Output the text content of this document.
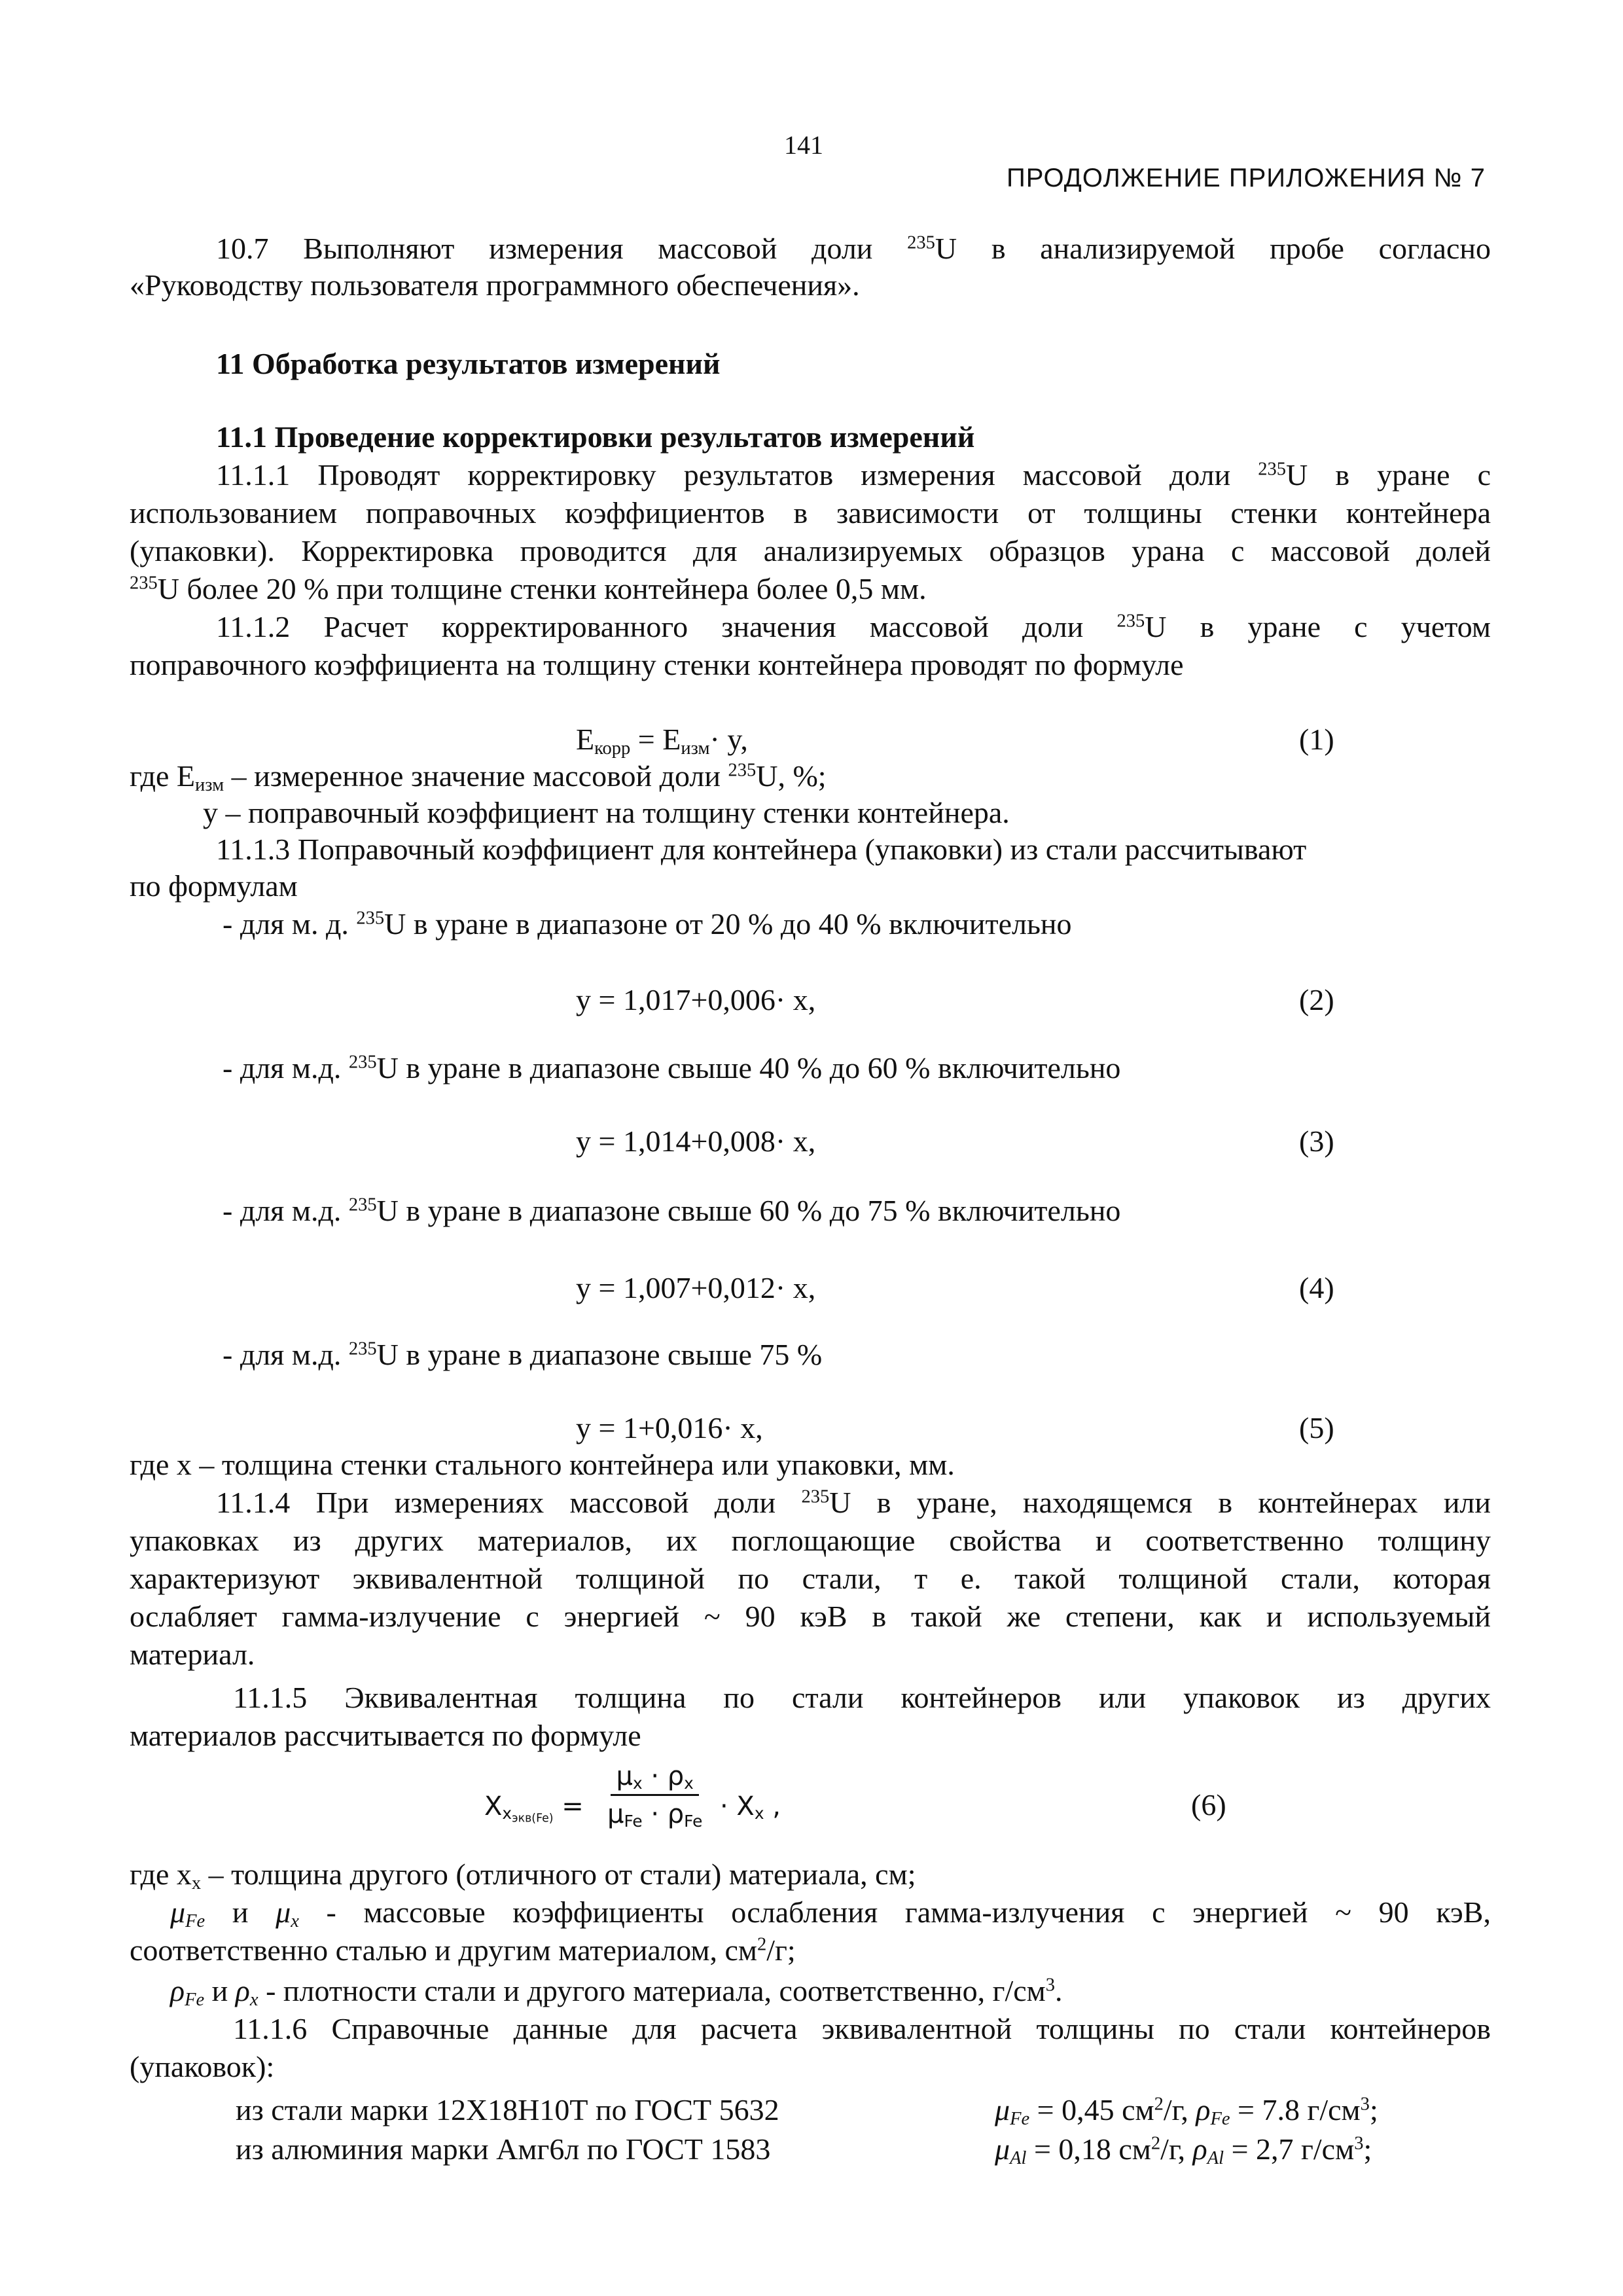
141
ПРОДОЛЖЕНИЕ ПРИЛОЖЕНИЯ № 7
10.7 Выполняют измерения массовой доли $^{235}$U в анализируемой пробе согласно
«Руководству пользователя программного обеспечения».
11 Обработка результатов измерений
11.1 Проведение корректировки результатов измерений
11.1.1 Проводят корректировку результатов измерения массовой доли $^{235}$U в уране с
использованием поправочных коэффициентов в зависимости от толщины стенки контейнера
(упаковки). Корректировка проводится для анализируемых образцов урана с массовой долей
$^{235}$U более 20 % при толщине стенки контейнера более 0,5 мм.
11.1.2 Расчет корректированного значения массовой доли $^{235}$U в уране с учетом
поправочного коэффициента на толщину стенки контейнера проводят по формуле
$E_{корр} = E_{изм}\cdot y$,	(1)
где $E_{изм}$ – измеренное значение массовой доли $^{235}$U, %;
y – поправочный коэффициент на толщину стенки контейнера.
11.1.3 Поправочный коэффициент для контейнера (упаковки) из стали рассчитывают
по формулам
- для м. д. $^{235}$U в уране в диапазоне от 20 % до 40 % включительно
y = 1,017+0,006· x,	(2)
- для м.д. $^{235}$U в уране в диапазоне свыше 40 % до 60 % включительно
y = 1,014+0,008· x,	(3)
- для м.д. $^{235}$U в уране в диапазоне свыше 60 % до 75 % включительно
y = 1,007+0,012· x,	(4)
- для м.д. $^{235}$U в уране в диапазоне свыше 75 %
y = 1+0,016· x,	(5)
где x – толщина стенки стального контейнера или упаковки, мм.
11.1.4 При измерениях массовой доли $^{235}$U в уране, находящемся в контейнерах или
упаковках из других материалов, их поглощающие свойства и соответственно толщину
характеризуют эквивалентной толщиной по стали, т е. такой толщиной стали, которая
ослабляет гамма-излучение с энергией ~ 90 кэВ в такой же степени, как и используемый
материал.
11.1.5 Эквивалентная толщина по стали контейнеров или упаковок из других
материалов рассчитывается по формуле
$X_{x_{экв(Fe)}}$ =
$\mu_x \cdot \rho_x$
$\mu_{Fe} \cdot \rho_{Fe} \cdot X_x$ ,	(6)
где $x_x$ – толщина другого (отличного от стали) материала, см;
$\mu_{Fe}$ и $\mu_x$ - массовые коэффициенты ослабления гамма-излучения с энергией ~ 90 кэВ,
соответственно сталью и другим материалом, $см^2/г$;
$\rho_{Fe}$ и $\rho_x$ - плотности стали и другого материала, соответственно, $г/см^3$.
11.1.6 Справочные данные для расчета эквивалентной толщины по стали контейнеров
(упаковок):
из стали марки 12Х18Н10Т по ГОСТ 5632	$\mu_{Fe} = 0,45$ $см^2/г$, $\rho_{Fe} = 7.8$ $г/см^3$;
из алюминия марки Амг6л по ГОСТ 1583	$\mu_{Al} = 0,18$ $см^2/г$, $\rho_{Al} = 2,7$ $г/см^3$;
